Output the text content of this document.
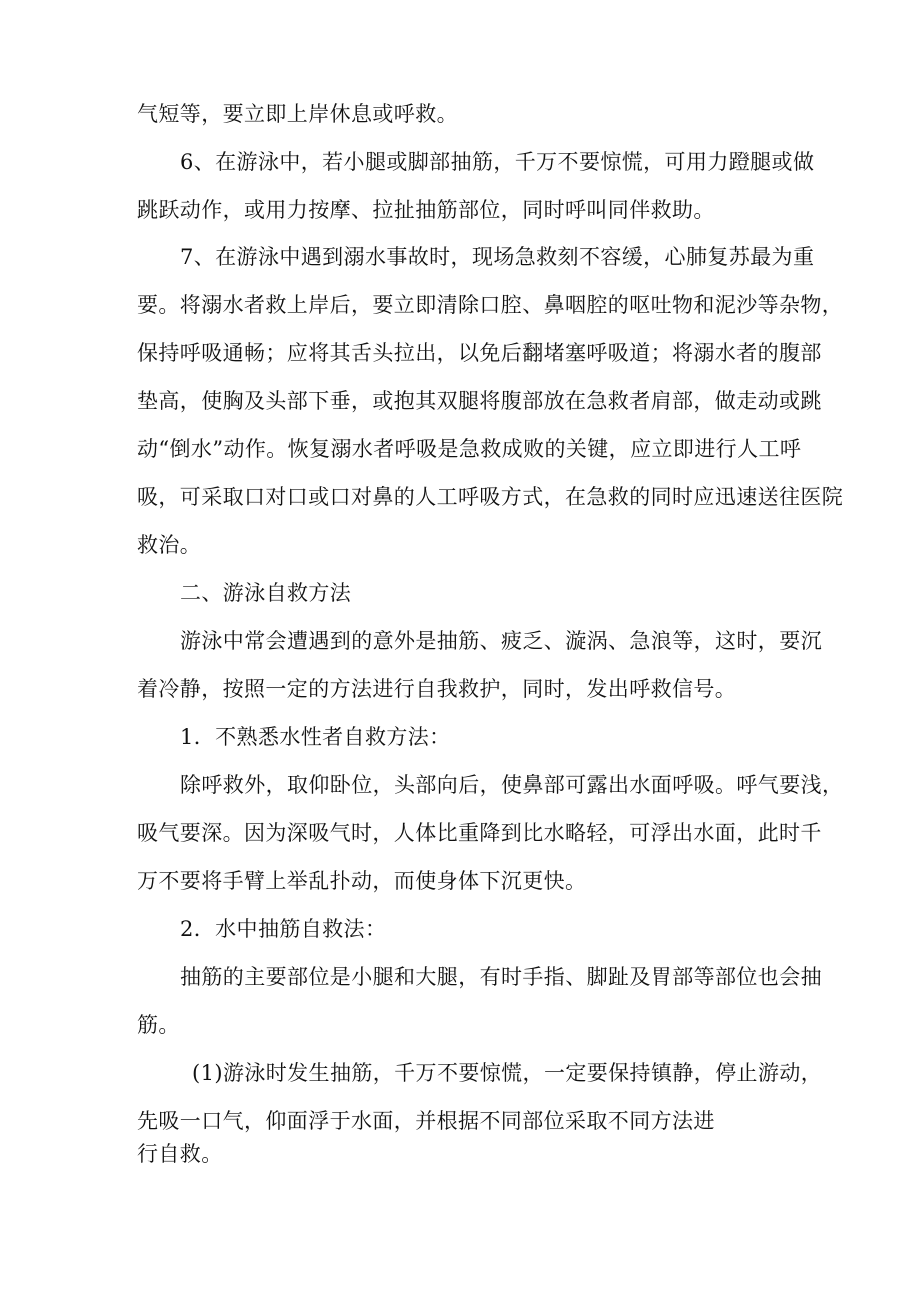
气短等，要立即上岸休息或呼救。
6、在游泳中，若小腿或脚部抽筋，千万不要惊慌，可用力蹬腿或做
跳跃动作，或用力按摩、拉扯抽筋部位，同时呼叫同伴救助。
7、在游泳中遇到溺水事故时，现场急救刻不容缓，心肺复苏最为重
要。将溺水者救上岸后，要立即清除口腔、鼻咽腔的呕吐物和泥沙等杂物，
保持呼吸通畅；应将其舌头拉出，以免后翻堵塞呼吸道；将溺水者的腹部
垫高，使胸及头部下垂，或抱其双腿将腹部放在急救者肩部，做走动或跳
动“倒水”动作。恢复溺水者呼吸是急救成败的关键，应立即进行人工呼
吸，可采取口对口或口对鼻的人工呼吸方式，在急救的同时应迅速送往医院
救治。
二、游泳自救方法
游泳中常会遭遇到的意外是抽筋、疲乏、漩涡、急浪等，这时，要沉
着冷静，按照一定的方法进行自我救护，同时，发出呼救信号。
1．不熟悉水性者自救方法：
除呼救外，取仰卧位，头部向后，使鼻部可露出水面呼吸。呼气要浅，
吸气要深。因为深吸气时，人体比重降到比水略轻，可浮出水面，此时千
万不要将手臂上举乱扑动，而使身体下沉更快。
2．水中抽筋自救法：
抽筋的主要部位是小腿和大腿，有时手指、脚趾及胃部等部位也会抽
筋。
(1)游泳时发生抽筋，千万不要惊慌，一定要保持镇静，停止游动，
先吸一口气，仰面浮于水面，并根据不同部位采取不同方法进
行自救。
